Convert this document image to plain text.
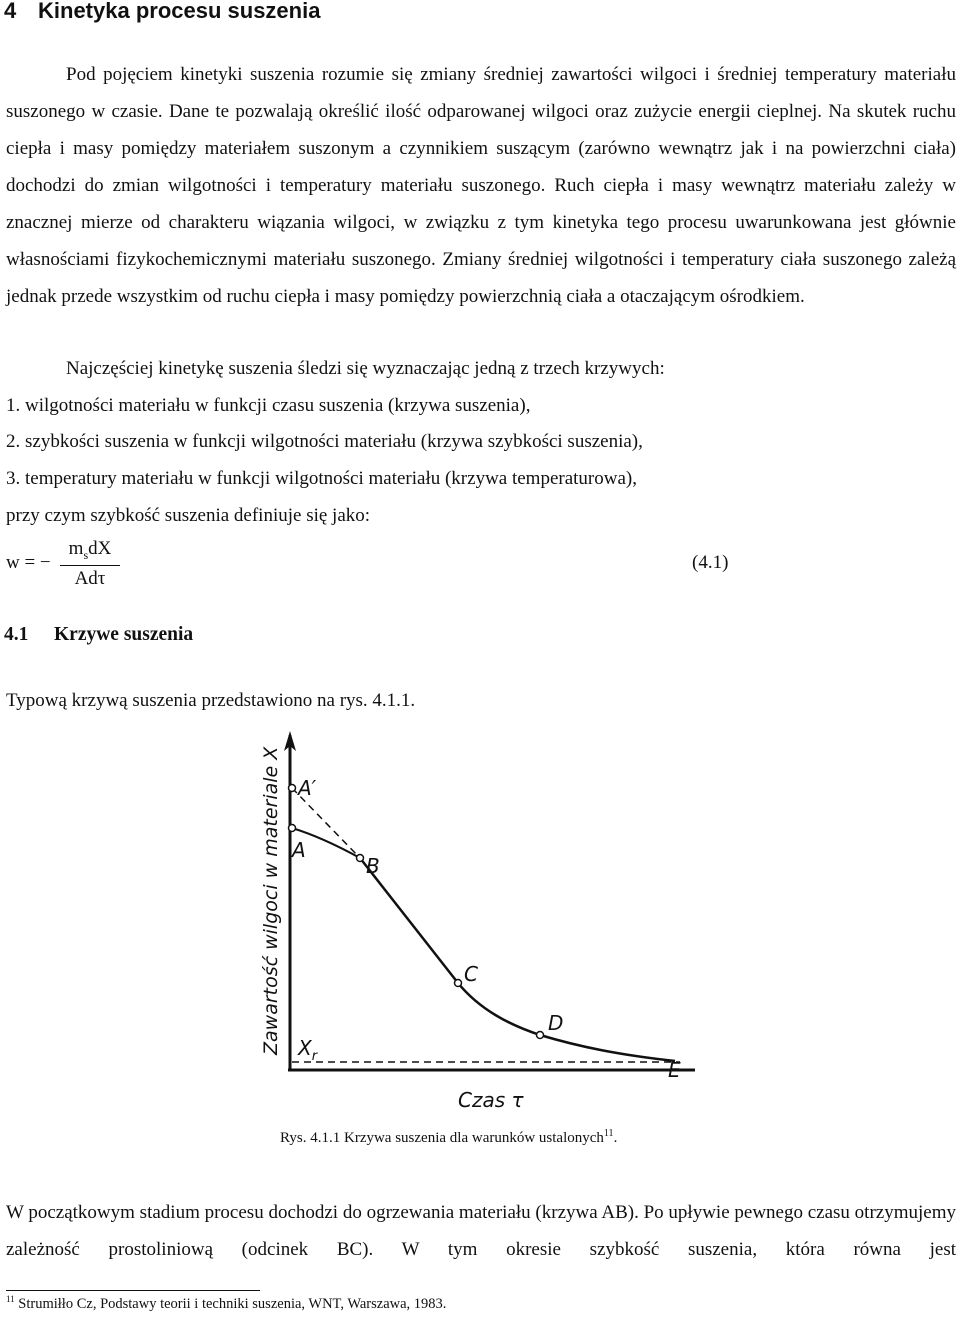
4 Kinetyka procesu suszenia
Pod pojęciem kinetyki suszenia rozumie się zmiany średniej zawartości wilgoci i średniej temperatury materiału suszonego w czasie. Dane te pozwalają określić ilość odparowanej wilgoci oraz zużycie energii cieplnej. Na skutek ruchu ciepła i masy pomiędzy materiałem suszonym a czynnikiem suszącym (zarówno wewnątrz jak i na powierzchni ciała) dochodzi do zmian wilgotności i temperatury materiału suszonego. Ruch ciepła i masy wewnątrz materiału zależy w znacznej mierze od charakteru wiązania wilgoci, w związku z tym kinetyka tego procesu uwarunkowana jest głównie własnościami fizykochemicznymi materiału suszonego. Zmiany średniej wilgotności i temperatury ciała suszonego zależą jednak przede wszystkim od ruchu ciepła i masy pomiędzy powierzchnią ciała a otaczającym ośrodkiem.
Najczęściej kinetykę suszenia śledzi się wyznaczając jedną z trzech krzywych:
1. wilgotności materiału w funkcji czasu suszenia (krzywa suszenia),
2. szybkości suszenia w funkcji wilgotności materiału (krzywa szybkości suszenia),
3. temperatury materiału w funkcji wilgotności materiału (krzywa temperaturowa),
przy czym szybkość suszenia definiuje się jako:
w = −
$m_sdX$
Adτ
(4.1)
4.1 Krzywe suszenia
Typową krzywą suszenia przedstawiono na rys. 4.1.1.
A′
A
B
C
D
E
$X_r$
Zawartość wilgoci w materiale X
Czas τ
Rys. 4.1.1 Krzywa suszenia dla warunków ustalonych$^{11}$.
W początkowym stadium procesu dochodzi do ogrzewania materiału (krzywa AB). Po upływie pewnego czasu otrzymujemy zależność prostoliniową (odcinek BC). W tym okresie szybkość suszenia, która równa jest
$^{11}$ Strumiłło Cz, Podstawy teorii i techniki suszenia, WNT, Warszawa, 1983.
